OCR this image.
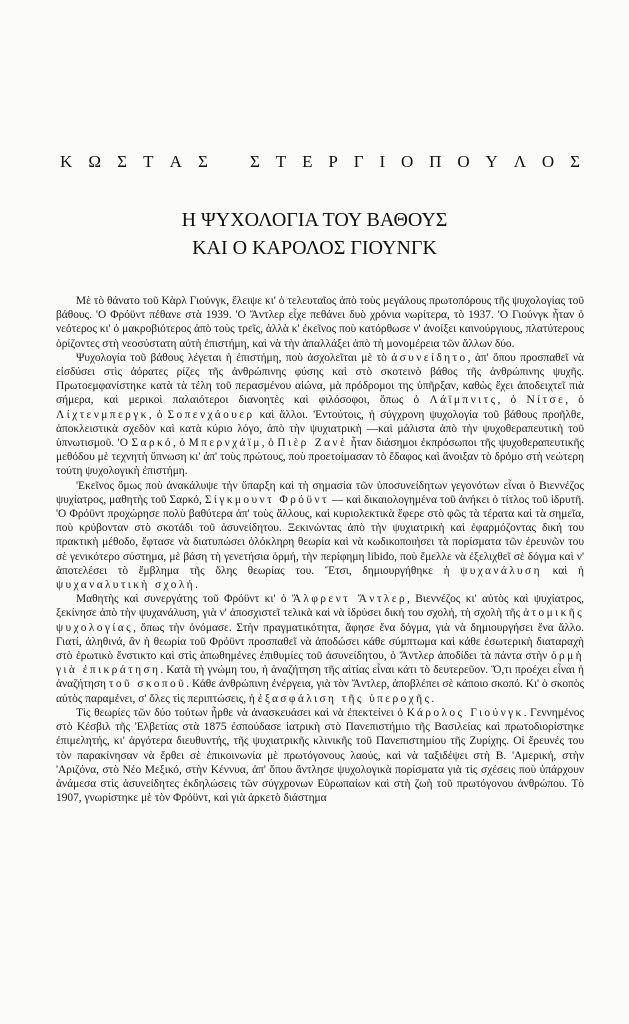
Κ Ω Σ Τ Α Σ Σ Τ Ε Ρ Γ Ι Ο Π Ο Υ Λ Ο Σ
Η ΨΥΧΟΛΟΓΙΑ ΤΟΥ ΒΑΘΟΥΣ
ΚΑΙ Ο ΚΑΡΟΛΟΣ ΓΙΟΥΝΓΚ

Μὲ τὸ θάνατο τοῦ Κὰρλ Γιούνγκ, ἔλειψε κι' ὁ τελευταῖος ἀπὸ τοὺς μεγάλους πρωτοπόρους τῆς ψυχολογίας τοῦ βάθους. 'Ο Φρόϋντ πέθανε στὰ 1939. 'Ο Ἄντλερ εἶχε πεθάνει δυὸ χρόνια νωρίτερα, τὸ 1937. 'Ο Γιούνγκ ἦταν ὁ νεότερος κι' ὁ μακροβιότερος ἀπὸ τοὺς τρεῖς, ἀλλὰ κ' ἐκεῖνος ποὺ κατόρθωσε ν' ἀνοίξει καινούργιους, πλατύτερους ὁρίζοντες στὴ νεοσύστατη αὐτὴ ἐπιστήμη, καὶ νὰ τὴν ἀπαλλάξει ἀπὸ τὴ μονομέρεια τῶν ἄλλων δύο.

Ψυχολογία τοῦ βάθους λέγεται ἡ ἐπιστήμη, ποὺ ἀσχολεῖται μὲ τὸ ἀσυνείδητο, ἀπ' ὅπου προσπαθεῖ νὰ εἰσδύσει στὶς ἀόρατες ρίζες τῆς ἀνθρώπινης φύσης καὶ στὸ σκοτεινὸ βάθος τῆς ἀνθρώπινης ψυχῆς. Πρωτοεμφανίστηκε κατὰ τὰ τέλη τοῦ περασμένου αἰώνα, μὰ πρόδρομοι της ὑπῆρξαν, καθὼς ἔχει ἀποδειχτεῖ πιὰ σήμερα, καὶ μερικοὶ παλαιότεροι διανοητὲς καὶ φιλόσοφοι, ὅπως ὁ Λάϊμπνιτς, ὁ Νίτσε, ὁ Λίχτενμπεργκ, ὁ Σοπενχάουερ καὶ ἄλλοι. 'Εντούτοις, ἡ σύγχρονη ψυχολογία τοῦ βάθους προῆλθε, ἀποκλειστικὰ σχεδὸν καὶ κατὰ κύριο λόγο, ἀπὸ τὴν ψυχιατρικὴ —καὶ μάλιστα ἀπὸ τὴν ψυχοθεραπευτικὴ τοῦ ὑπνωτισμοῦ. 'Ο Σαρκό, ὁ Μπερνχάϊμ, ὁ Πιὲρ Ζανὲ ἦταν διάσημοι ἐκπρόσωποι τῆς ψυχοθεραπευτικῆς μεθόδου μὲ τεχνητὴ ὕπνωση κι' ἀπ' τοὺς πρώτους, ποὺ προετοίμασαν τὸ ἔδαφος καὶ ἄνοιξαν τὸ δρόμο στὴ νεώτερη τούτη ψυχολογικὴ ἐπιστήμη.

'Εκεῖνος ὅμως ποὺ ἀνακάλυψε τὴν ὕπαρξη καὶ τὴ σημασία τῶν ὑποσυνείδητων γεγονότων εἶναι ὁ Βιεννέζος ψυχίατρος, μαθητὴς τοῦ Σαρκό, Σίγκμουντ Φρόϋντ — καὶ δικαιολογημένα τοῦ ἀνήκει ὁ τίτλος τοῦ ἱδρυτῆ. 'Ο Φρόϋντ προχώρησε πολὺ βαθύτερα ἀπ' τοὺς ἄλλους, καὶ κυριολεκτικὰ ἔφερε στὸ φῶς τὰ τέρατα καὶ τὰ σημεῖα, ποὺ κρύβονταν στὸ σκοτάδι τοῦ ἀσυνείδητου. Ξεκινώντας ἀπὸ τὴν ψυχιατρικὴ καὶ ἐφαρμόζοντας δική του πρακτικὴ μέθοδο, ἔφτασε νὰ διατυπώσει ὁλόκληρη θεωρία καὶ νὰ κωδικοποιήσει τὰ πορίσματα τῶν ἐρευνῶν του σὲ γενικότερο σύστημα, μὲ βάση τὴ γενετήσια ὁρμή, τὴν περίφημη libido, ποὺ ἔμελλε νὰ ἐξελιχθεῖ σὲ δόγμα καὶ ν' ἀποτελέσει τὸ ἔμβλημα τῆς ὅλης θεωρίας του. Ἔτσι, δημιουργήθηκε ἡ ψυχανάλυση καὶ ἡ ψυχαναλυτικὴ σχολή.

Μαθητὴς καὶ συνεργάτης τοῦ Φρόϋντ κι' ὁ Ἄλφρεντ Ἄντλερ, Βιεννέζος κι' αὐτὸς καὶ ψυχίατρος, ξεκίνησε ἀπὸ τὴν ψυχανάλυση, γιὰ ν' ἀποσχιστεῖ τελικὰ καὶ νὰ ἱδρύσει δική του σχολή, τὴ σχολὴ τῆς ἀτομικῆς ψυχολογίας, ὅπως τὴν ὀνόμασε. Στὴν πραγματικότητα, ἄφησε ἕνα δόγμα, γιὰ νὰ δημιουργήσει ἕνα ἄλλο. Γιατί, ἀληθινά, ἂν ἡ θεωρία τοῦ Φρόϋντ προσπαθεῖ νὰ ἀποδώσει κάθε σύμπτωμα καὶ κάθε ἐσωτερικὴ διαταραχὴ στὸ ἐρωτικὸ ἔνστικτο καὶ στὶς ἀπωθημένες ἐπιθυμίες τοῦ ἀσυνείδητου, ὁ Ἄντλερ ἀποδίδει τὰ πάντα στὴν ὁρμὴ γιὰ ἐπικράτηση. Κατὰ τὴ γνώμη του, ἡ ἀναζήτηση τῆς αἰτίας εἶναι κάτι τὸ δευτερεῦον. Ὅ,τι προέχει εἶναι ἡ ἀναζήτηση τοῦ σκοποῦ. Κάθε ἀνθρώπινη ἐνέργεια, γιὰ τὸν Ἄντλερ, ἀποβλέπει σὲ κάποιο σκοπό. Κι' ὁ σκοπὸς αὐτὸς παραμένει, σ' ὅλες τὶς περιπτώσεις, ἡ ἐξασφάλιση τῆς ὑπεροχῆς.

Τὶς θεωρίες τῶν δύο τούτων ἦρθε νὰ ἀνασκευάσει καὶ νὰ ἐπεκτείνει ὁ Κάρολος Γιούνγκ. Γεννημένος στὸ Κέσβιλ τῆς 'Ελβετίας στὰ 1875 ἐσπούδασε ἰατρικὴ στὸ Πανεπιστήμιο τῆς Βασιλείας καὶ πρωτοδιορίστηκε ἐπιμελητής, κι' ἀργότερα διευθυντής, τῆς ψυχιατρικῆς κλινικῆς τοῦ Πανεπιστημίου τῆς Ζυρίχης. Οἱ ἔρευνές του τὸν παρακίνησαν νὰ ἔρθει σὲ ἐπικοινωνία μὲ πρωτόγονους λαούς, καὶ νὰ ταξιδέψει στὴ Β. 'Αμερική, στὴν 'Αριζόνα, στὸ Νέο Μεξικό, στὴν Κέννυα, ἀπ' ὅπου ἄντλησε ψυχολογικὰ πορίσματα γιὰ τὶς σχέσεις ποὺ ὑπάρχουν ἀνάμεσα στὶς ἀσυνείδητες ἐκδηλώσεις τῶν σύγχρονων Εὐρωπαίων καὶ στὴ ζωὴ τοῦ πρωτόγονου ἀνθρώπου. Τὸ 1907, γνωρίστηκε μὲ τὸν Φρόϋντ, καὶ γιὰ ἀρκετὸ διάστημα
